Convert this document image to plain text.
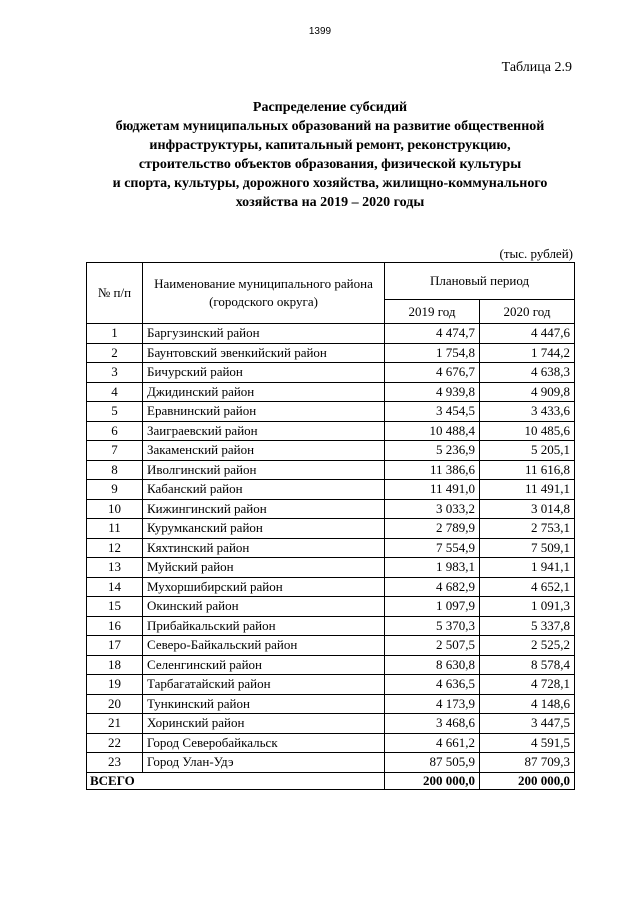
1399
Таблица 2.9
Распределение субсидий
бюджетам муниципальных образований на развитие общественной
инфраструктуры, капитальный ремонт, реконструкцию,
строительство объектов образования, физической культуры
и спорта, культуры, дорожного хозяйства, жилищно-коммунального
хозяйства на 2019 – 2020 годы
(тыс. рублей)
№ п/п	Наименование муниципального района (городского округа)	Плановый период	
		2019 год	2020 год
1	Баргузинский район	4 474,7	4 447,6
2	Баунтовский эвенкийский район	1 754,8	1 744,2
3	Бичурский район	4 676,7	4 638,3
4	Джидинский район	4 939,8	4 909,8
5	Еравнинский район	3 454,5	3 433,6
6	Заиграевский район	10 488,4	10 485,6
7	Закаменский район	5 236,9	5 205,1
8	Иволгинский район	11 386,6	11 616,8
9	Кабанский район	11 491,0	11 491,1
10	Кижингинский район	3 033,2	3 014,8
11	Курумканский район	2 789,9	2 753,1
12	Кяхтинский район	7 554,9	7 509,1
13	Муйский район	1 983,1	1 941,1
14	Мухоршибирский район	4 682,9	4 652,1
15	Окинский район	1 097,9	1 091,3
16	Прибайкальский район	5 370,3	5 337,8
17	Северо-Байкальский район	2 507,5	2 525,2
18	Селенгинский район	8 630,8	8 578,4
19	Тарбагатайский район	4 636,5	4 728,1
20	Тункинский район	4 173,9	4 148,6
21	Хоринский район	3 468,6	3 447,5
22	Город Северобайкальск	4 661,2	4 591,5
23	Город Улан-Удэ	87 505,9	87 709,3
ВСЕГО		200 000,0	200 000,0
